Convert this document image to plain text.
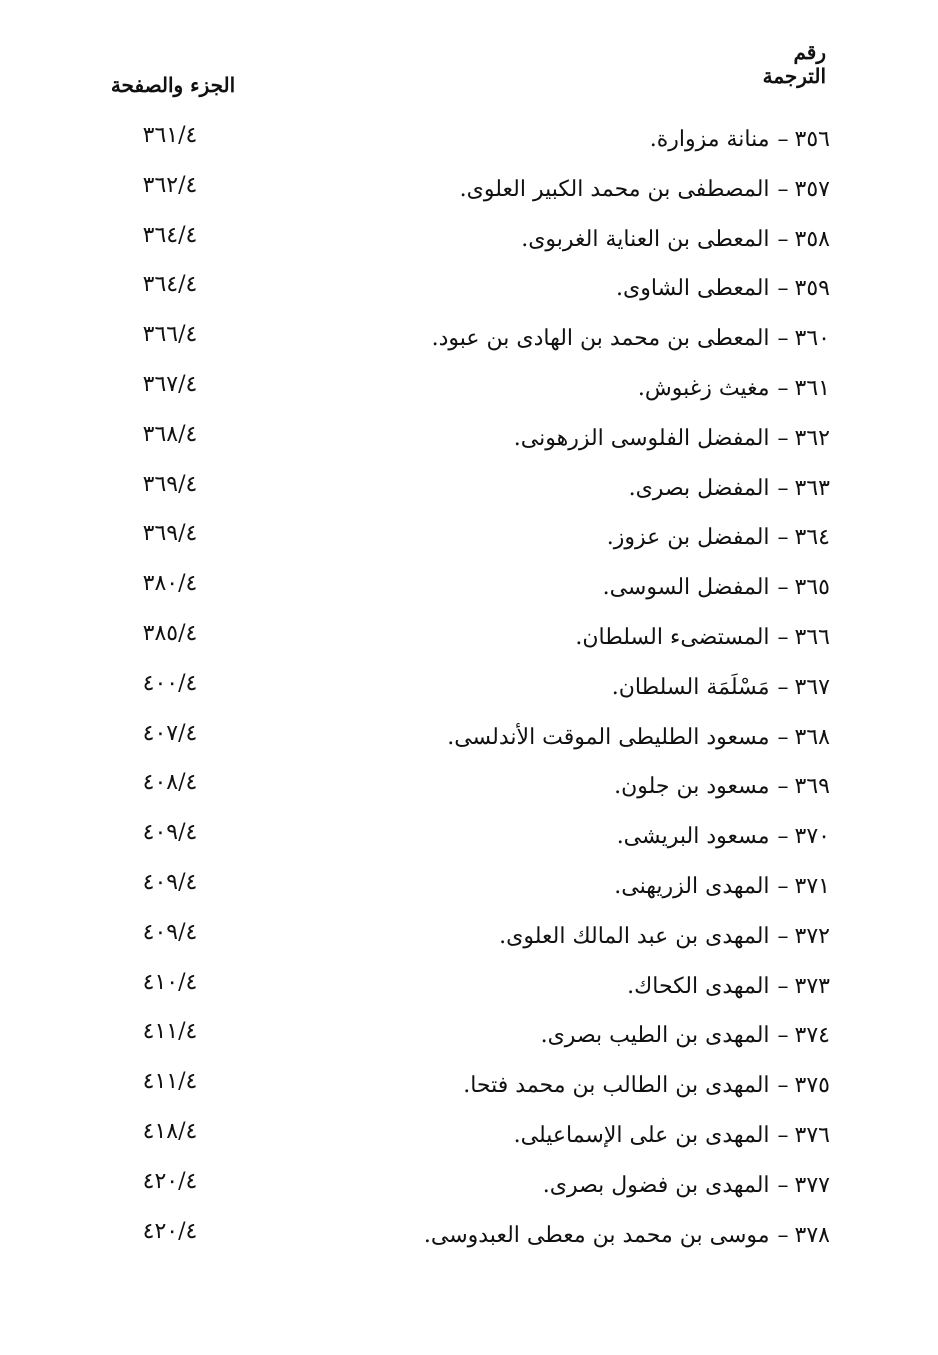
رقم
الترجمة
الجزء والصفحة
٣٥٦–منانة مزوارة.
٣٦١/٤
٣٥٧–المصطفى بن محمد الكبير العلوى.
٣٦٢/٤
٣٥٨–المعطى بن العناية الغربوى.
٣٦٤/٤
٣٥٩–المعطى الشاوى.
٣٦٤/٤
٣٦٠–المعطى بن محمد بن الهادى بن عبود.
٣٦٦/٤
٣٦١–مغيث زغبوش.
٣٦٧/٤
٣٦٢–المفضل الفلوسى الزرهونى.
٣٦٨/٤
٣٦٣–المفضل بصرى.
٣٦٩/٤
٣٦٤–المفضل بن عزوز.
٣٦٩/٤
٣٦٥–المفضل السوسى.
٣٨٠/٤
٣٦٦–المستضىء السلطان.
٣٨٥/٤
٣٦٧–مَسْلَمَة السلطان.
٤٠٠/٤
٣٦٨–مسعود الطليطى الموقت الأندلسى.
٤٠٧/٤
٣٦٩–مسعود بن جلون.
٤٠٨/٤
٣٧٠–مسعود البريشى.
٤٠٩/٤
٣٧١–المهدى الزريهنى.
٤٠٩/٤
٣٧٢–المهدى بن عبد المالك العلوى.
٤٠٩/٤
٣٧٣–المهدى الكحاك.
٤١٠/٤
٣٧٤–المهدى بن الطيب بصرى.
٤١١/٤
٣٧٥–المهدى بن الطالب بن محمد فتحا.
٤١١/٤
٣٧٦–المهدى بن على الإسماعيلى.
٤١٨/٤
٣٧٧–المهدى بن فضول بصرى.
٤٢٠/٤
٣٧٨–موسى بن محمد بن معطى العبدوسى.
٤٢٠/٤
